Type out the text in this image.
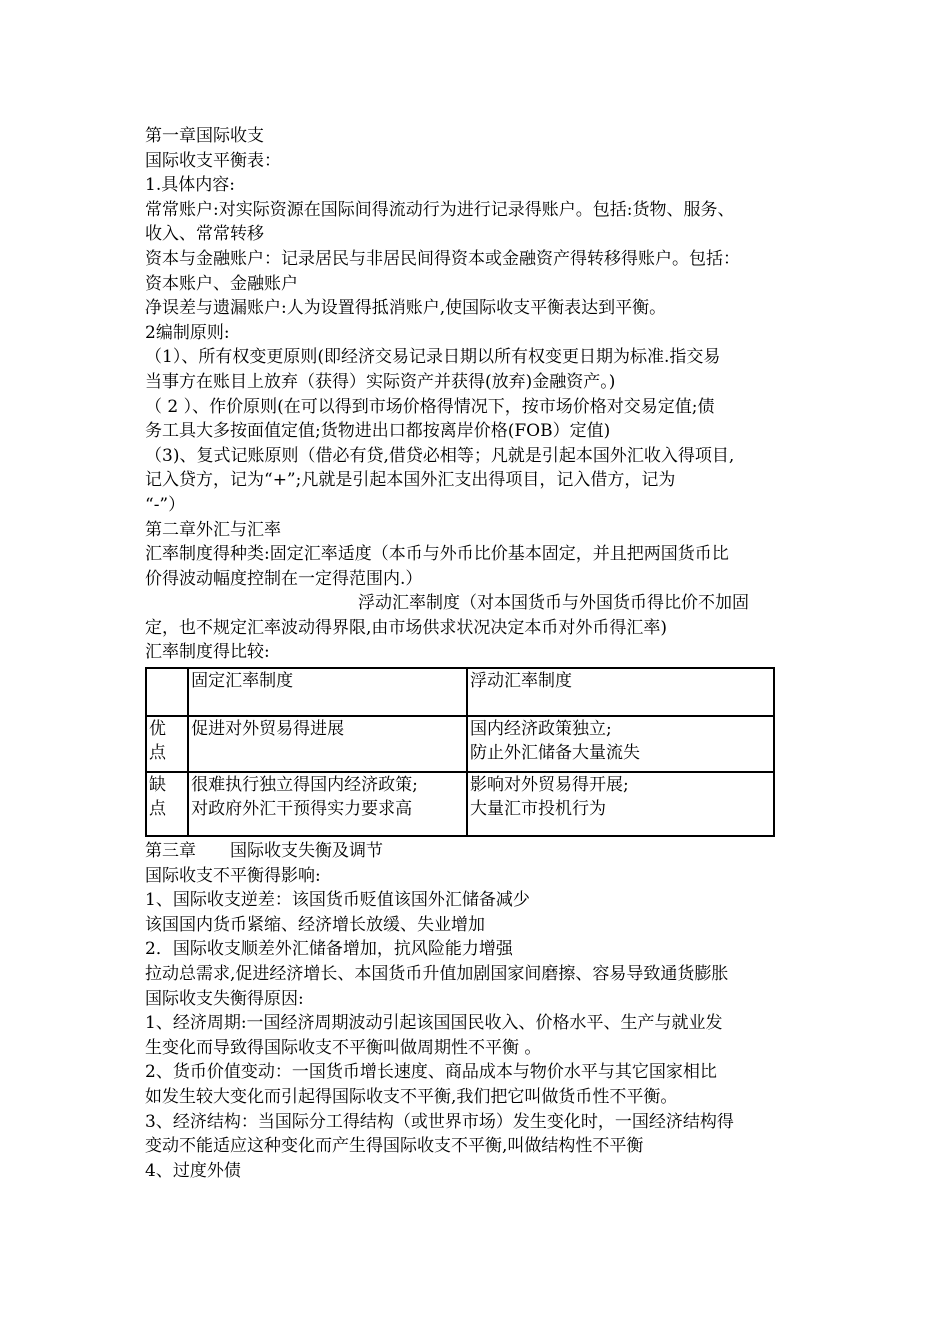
第一章国际收支
国际收支平衡表：
1.具体内容:
常常账户:对实际资源在国际间得流动行为进行记录得账户。包括:货物、服务、
收入、常常转移
资本与金融账户：记录居民与非居民间得资本或金融资产得转移得账户。包括：
资本账户、金融账户
净误差与遗漏账户:人为设置得抵消账户,使国际收支平衡表达到平衡。
2编制原则:
（1）、所有权变更原则(即经济交易记录日期以所有权变更日期为标准.指交易
当事方在账目上放弃（获得）实际资产并获得(放弃)金融资产。)
（ 2 ）、作价原则(在可以得到市场价格得情况下，按市场价格对交易定值;债
务工具大多按面值定值;货物进出口都按离岸价格(FOB）定值)
（3)、复式记账原则（借必有贷,借贷必相等；凡就是引起本国外汇收入得项目,
记入贷方，记为“+”;凡就是引起本国外汇支出得项目，记入借方，记为
“-”）
第二章外汇与汇率
汇率制度得种类:固定汇率适度（本币与外币比价基本固定，并且把两国货币比
价得波动幅度控制在一定得范围内.）
浮动汇率制度（对本国货币与外国货币得比价不加固
定，也不规定汇率波动得界限,由市场供求状况决定本币对外币得汇率)
汇率制度得比较:
	固定汇率制度	浮动汇率制度

优
点	促进对外贸易得进展	国内经济政策独立;
防止外汇储备大量流失

缺
点	很难执行独立得国内经济政策;
对政府外汇干预得实力要求高	影响对外贸易得开展;
大量汇市投机行为
第三章　　国际收支失衡及调节
国际收支不平衡得影响:
1、国际收支逆差：该国货币贬值该国外汇储备减少
该国国内货币紧缩、经济增长放缓、失业增加
2．国际收支顺差外汇储备增加，抗风险能力增强
拉动总需求,促进经济增长、本国货币升值加剧国家间磨擦、容易导致通货膨胀
国际收支失衡得原因:
1、经济周期:一国经济周期波动引起该国国民收入、价格水平、生产与就业发
生变化而导致得国际收支不平衡叫做周期性不平衡 。
2、货币价值变动：一国货币增长速度、商品成本与物价水平与其它国家相比
如发生较大变化而引起得国际收支不平衡,我们把它叫做货币性不平衡。
3、经济结构：当国际分工得结构（或世界市场）发生变化时，一国经济结构得
变动不能适应这种变化而产生得国际收支不平衡,叫做结构性不平衡
4、过度外债
